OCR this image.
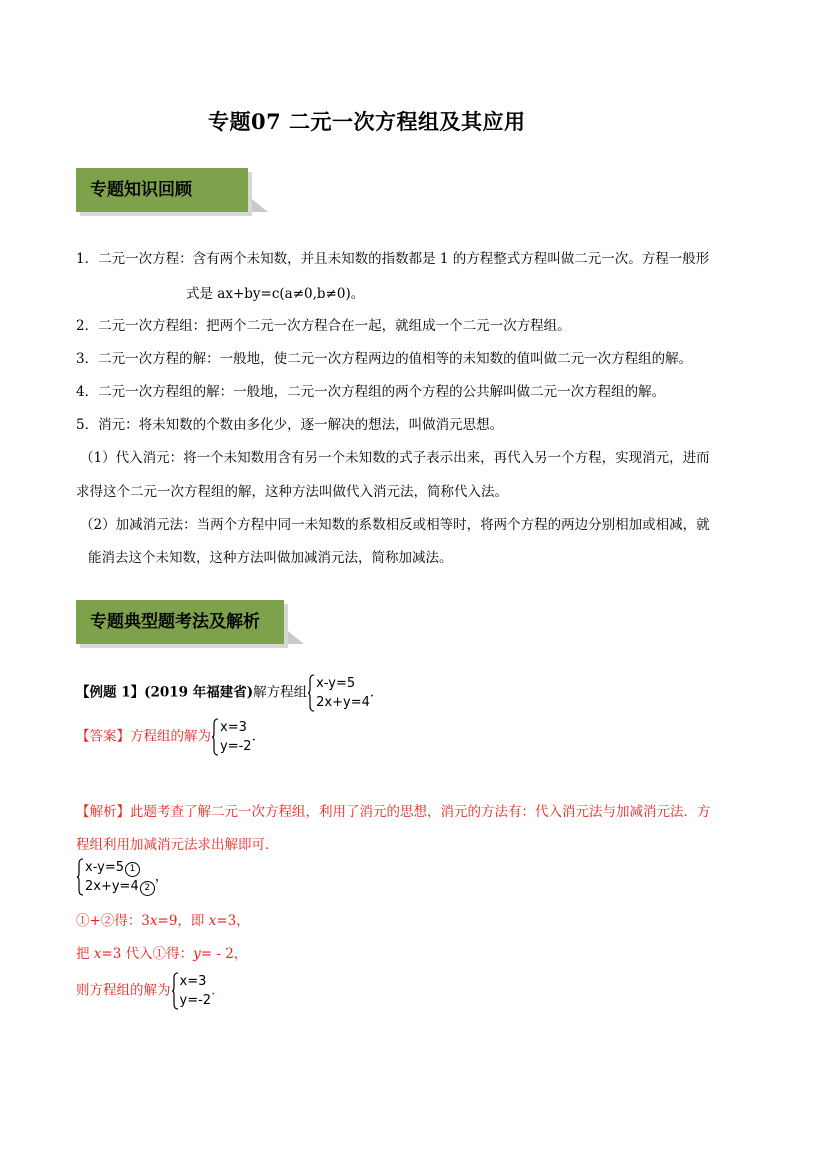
专题07 二元一次方程组及其应用
专题知识回顾
1．二元一次方程：含有两个未知数，并且未知数的指数都是 1 的方程整式方程叫做二元一次。方程一般形
式是 ax+by=c(a≠0,b≠0)。
2．二元一次方程组：把两个二元一次方程合在一起，就组成一个二元一次方程组。
3．二元一次方程的解：一般地，使二元一次方程两边的值相等的未知数的值叫做二元一次方程组的解。
4．二元一次方程组的解：一般地，二元一次方程组的两个方程的公共解叫做二元一次方程组的解。
5．消元：将未知数的个数由多化少，逐一解决的想法，叫做消元思想。
（1）代入消元：将一个未知数用含有另一个未知数的式子表示出来，再代入另一个方程，实现消元，进而
求得这个二元一次方程组的解，这种方法叫做代入消元法，简称代入法。
（2）加减消元法：当两个方程中同一未知数的系数相反或相等时，将两个方程的两边分别相加或相减，就
能消去这个未知数，这种方法叫做加减消元法，简称加减法。
专题典型题考法及解析
【例题 1】(2019 年福建省)解方程组
x-y=5
2x+y=4
.
【答案】方程组的解为
x=3
y=-2
.
【解析】此题考查了解二元一次方程组，利用了消元的思想，消元的方法有：代入消元法与加减消元法．方
程组利用加减消元法求出解即可．
x-y=5 1
2x+y=4 2
，
①+②得：3x=9，即 x=3，
把 x=3 代入①得：y= - 2，
则方程组的解为
x=3
y=-2
.
